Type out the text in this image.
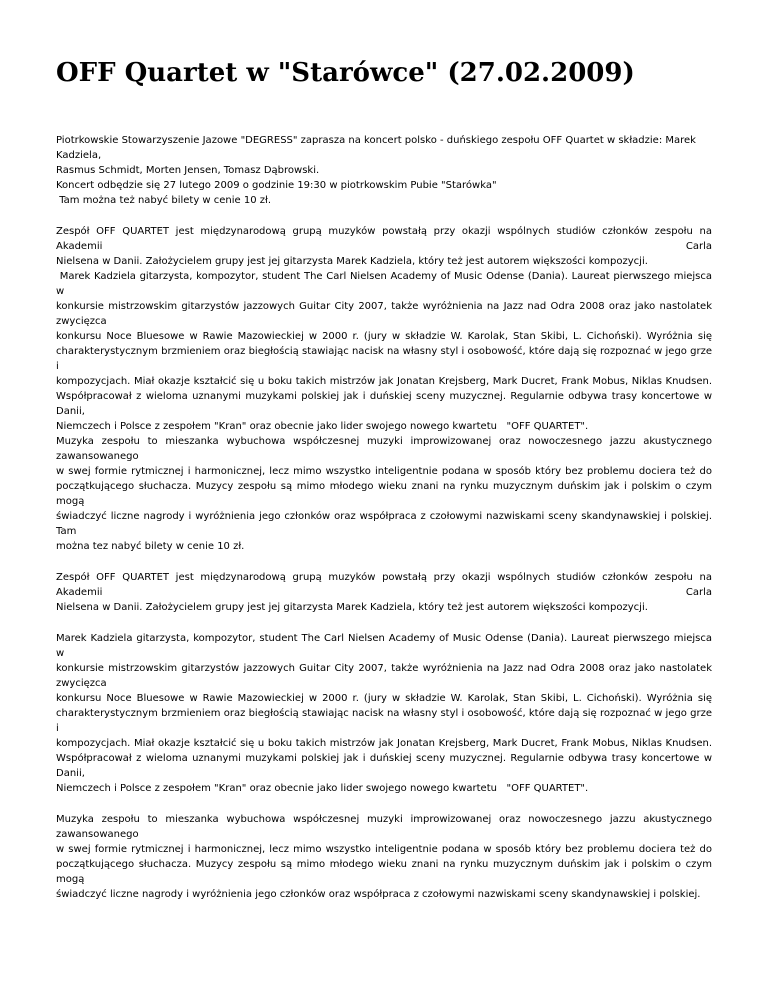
OFF Quartet w "Starówce" (27.02.2009)

Piotrkowskie Stowarzyszenie Jazowe "DEGRESS" zaprasza na koncert polsko - duńskiego zespołu OFF Quartet w składzie: Marek Kadziela,
Rasmus Schmidt, Morten Jensen, Tomasz Dąbrowski.
Koncert odbędzie się 27 lutego 2009 o godzinie 19:30 w piotrkowskim Pubie "Starówka"
Tam można też nabyć bilety w cenie 10 zł.

Zespół OFF QUARTET jest międzynarodową grupą muzyków powstałą przy okazji wspólnych studiów członków zespołu na Akademii Carla
Nielsena w Danii. Założycielem grupy jest jej gitarzysta Marek Kadziela, który też jest autorem większości kompozycji.
Marek Kadziela gitarzysta, kompozytor, student The Carl Nielsen Academy of Music Odense (Dania). Laureat pierwszego miejsca w
konkursie mistrzowskim gitarzystów jazzowych Guitar City 2007, także wyróżnienia na Jazz nad Odra 2008 oraz jako nastolatek zwycięzca
konkursu Noce Bluesowe w Rawie Mazowieckiej w 2000 r. (jury w składzie W. Karolak, Stan Skibi, L. Cichoński). Wyróżnia się
charakterystycznym brzmieniem oraz biegłością stawiając nacisk na własny styl i osobowość, które dają się rozpoznać w jego grze i
kompozycjach. Miał okazje kształcić się u boku takich mistrzów jak Jonatan Krejsberg, Mark Ducret, Frank Mobus, Niklas Knudsen.
Współpracował z wieloma uznanymi muzykami polskiej jak i duńskiej sceny muzycznej. Regularnie odbywa trasy koncertowe w Danii,
Niemczech i Polsce z zespołem "Kran" oraz obecnie jako lider swojego nowego kwartetu   "OFF QUARTET".
Muzyka zespołu to mieszanka wybuchowa współczesnej muzyki improwizowanej oraz nowoczesnego jazzu akustycznego zawansowanego
w swej formie rytmicznej i harmonicznej, lecz mimo wszystko inteligentnie podana w sposób który bez problemu dociera też do
początkującego słuchacza. Muzycy zespołu są mimo młodego wieku znani na rynku muzycznym duńskim jak i polskim o czym mogą
świadczyć liczne nagrody i wyróżnienia jego członków oraz współpraca z czołowymi nazwiskami sceny skandynawskiej i polskiej. Tam
można tez nabyć bilety w cenie 10 zł.

Zespół OFF QUARTET jest międzynarodową grupą muzyków powstałą przy okazji wspólnych studiów członków zespołu na Akademii Carla
Nielsena w Danii. Założycielem grupy jest jej gitarzysta Marek Kadziela, który też jest autorem większości kompozycji.

Marek Kadziela gitarzysta, kompozytor, student The Carl Nielsen Academy of Music Odense (Dania). Laureat pierwszego miejsca w
konkursie mistrzowskim gitarzystów jazzowych Guitar City 2007, także wyróżnienia na Jazz nad Odra 2008 oraz jako nastolatek zwycięzca
konkursu Noce Bluesowe w Rawie Mazowieckiej w 2000 r. (jury w składzie W. Karolak, Stan Skibi, L. Cichoński). Wyróżnia się
charakterystycznym brzmieniem oraz biegłością stawiając nacisk na własny styl i osobowość, które dają się rozpoznać w jego grze i
kompozycjach. Miał okazje kształcić się u boku takich mistrzów jak Jonatan Krejsberg, Mark Ducret, Frank Mobus, Niklas Knudsen.
Współpracował z wieloma uznanymi muzykami polskiej jak i duńskiej sceny muzycznej. Regularnie odbywa trasy koncertowe w Danii,
Niemczech i Polsce z zespołem "Kran" oraz obecnie jako lider swojego nowego kwartetu   "OFF QUARTET".

Muzyka zespołu to mieszanka wybuchowa współczesnej muzyki improwizowanej oraz nowoczesnego jazzu akustycznego zawansowanego
w swej formie rytmicznej i harmonicznej, lecz mimo wszystko inteligentnie podana w sposób który bez problemu dociera też do
początkującego słuchacza. Muzycy zespołu są mimo młodego wieku znani na rynku muzycznym duńskim jak i polskim o czym mogą
świadczyć liczne nagrody i wyróżnienia jego członków oraz współpraca z czołowymi nazwiskami sceny skandynawskiej i polskiej.
